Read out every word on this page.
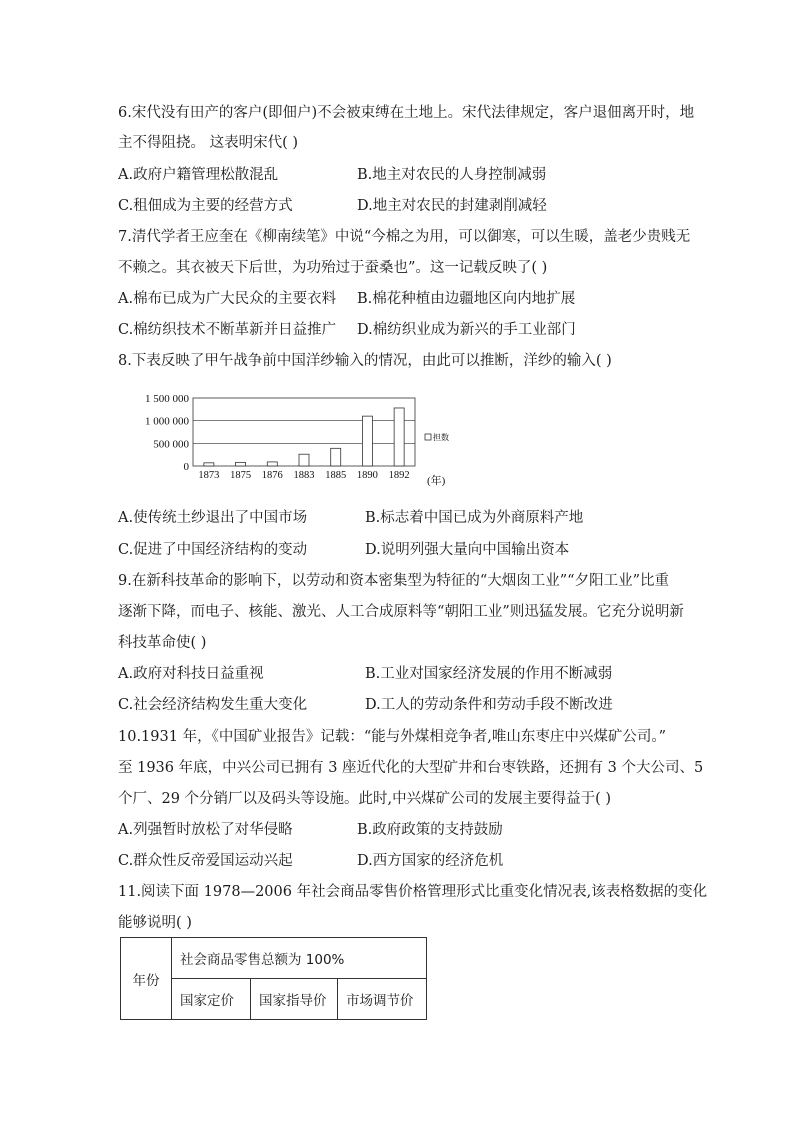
6.宋代没有田产的客户(即佃户)不会被束缚在土地上。宋代法律规定，客户退佃离开时，地
主不得阻挠。 这表明宋代( )
A.政府户籍管理松散混乱	B.地主对农民的人身控制减弱
C.租佃成为主要的经营方式	D.地主对农民的封建剥削减轻
7.清代学者王应奎在《柳南续笔》中说“今棉之为用，可以御寒，可以生暖，盖老少贵贱无
不赖之。其衣被天下后世，为功殆过于蚕桑也”。这一记载反映了( )
A.棉布已成为广大民众的主要衣料 B.棉花种植由边疆地区向内地扩展
C.棉纺织技术不断革新并日益推广 D.棉纺织业成为新兴的手工业部门
8.下表反映了甲午战争前中国洋纱输入的情况，由此可以推断，洋纱的输入( )
1 500 000
1 000 000
500 000
0
1873 1875 1876 1883 1885 1890 1892 (年)
担数
A.使传统土纱退出了中国市场	B.标志着中国已成为外商原料产地
C.促进了中国经济结构的变动	D.说明列强大量向中国输出资本
9.在新科技革命的影响下，以劳动和资本密集型为特征的“大烟囱工业”“夕阳工业”比重
逐渐下降，而电子、核能、激光、人工合成原料等“朝阳工业”则迅猛发展。它充分说明新
科技革命使( )
A.政府对科技日益重视	B.工业对国家经济发展的作用不断减弱
C.社会经济结构发生重大变化	D.工人的劳动条件和劳动手段不断改进
10.1931 年，《中国矿业报告》记载：“能与外煤相竞争者,唯山东枣庄中兴煤矿公司。”
至 1936 年底，中兴公司已拥有 3 座近代化的大型矿井和台枣铁路，还拥有 3 个大公司、5
个厂、29 个分销厂以及码头等设施。此时,中兴煤矿公司的发展主要得益于( )
A.列强暂时放松了对华侵略	B.政府政策的支持鼓励
C.群众性反帝爱国运动兴起	D.西方国家的经济危机
11.阅读下面 1978—2006 年社会商品零售价格管理形式比重变化情况表,该表格数据的变化
能够说明( )
年份	社会商品零售总额为 100%		
	国家定价	国家指导价	市场调节价
